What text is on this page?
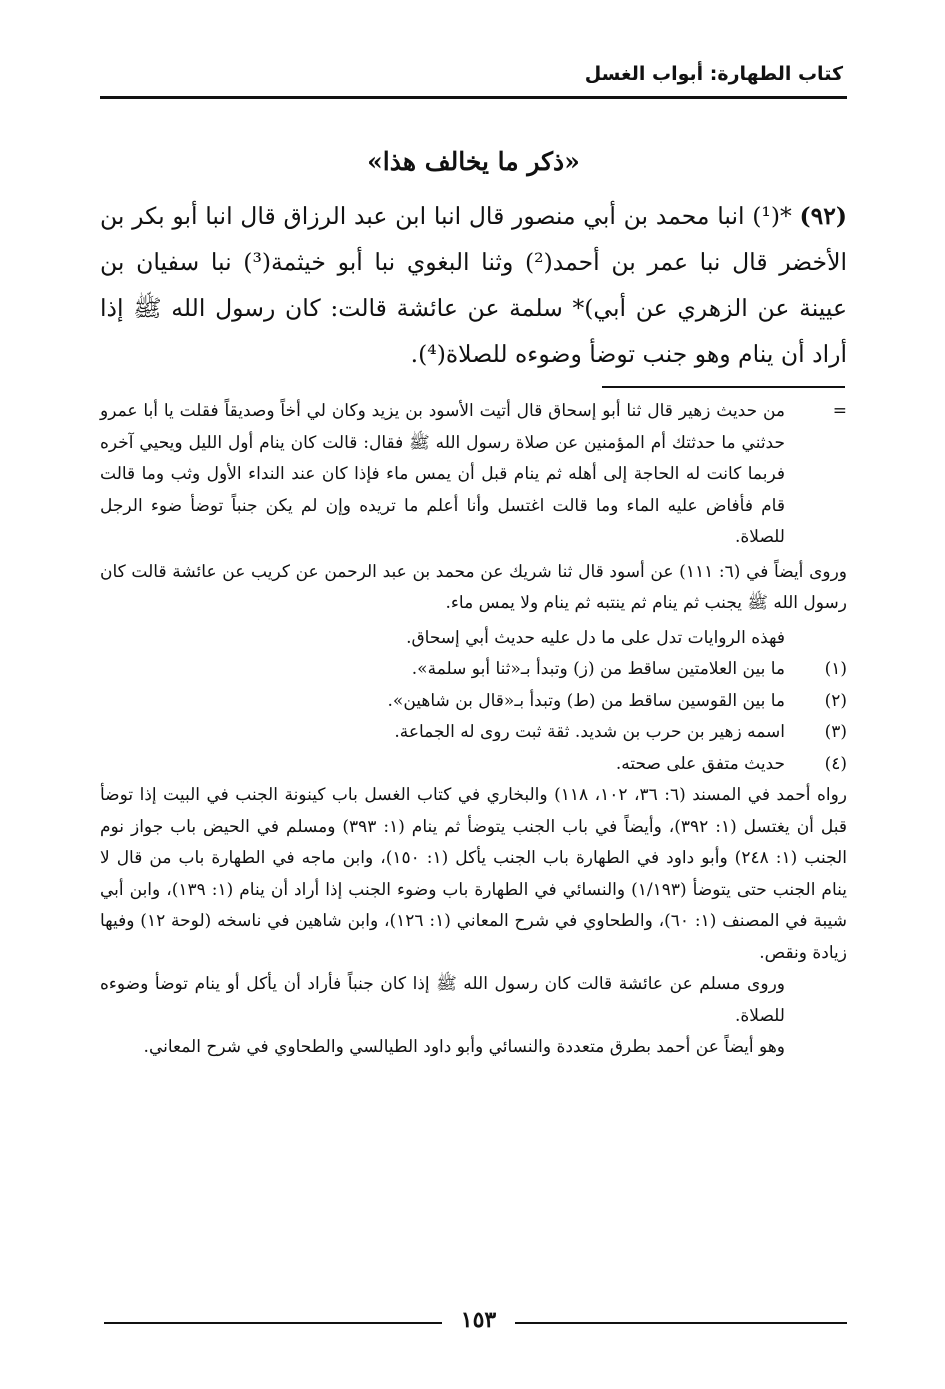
كتاب الطهارة: أبواب الغسل
«ذكر ما يخالف هذا»
(٩٢) *(¹) انبا محمد بن أبي منصور قال انبا ابن عبد الرزاق قال انبا أبو بكر بن الأخضر قال نبا عمر بن أحمد(²) وثنا البغوي نبا أبو خيثمة(³) نبا سفيان بن عيينة عن الزهري عن أبي)* سلمة عن عائشة قالت: كان رسول الله ﷺ إذا أراد أن ينام وهو جنب توضأ وضوءه للصلاة(⁴).
=
من حديث زهير قال ثنا أبو إسحاق قال أتيت الأسود بن يزيد وكان لي أخاً وصديقاً فقلت يا أبا عمرو حدثني ما حدثتك أم المؤمنين عن صلاة رسول الله ﷺ فقال: قالت كان ينام أول الليل ويحيي آخره فربما كانت له الحاجة إلى أهله ثم ينام قبل أن يمس ماء فإذا كان عند النداء الأول وثب وما قالت قام فأفاض عليه الماء وما قالت اغتسل وأنا أعلم ما تريده وإن لم يكن جنباً توضأ ضوء الرجل للصلاة.
وروى أيضاً في (٦: ١١١) عن أسود قال ثنا شريك عن محمد بن عبد الرحمن عن كريب عن عائشة قالت كان رسول الله ﷺ يجنب ثم ينام ثم ينتبه ثم ينام ولا يمس ماء.
فهذه الروايات تدل على ما دل عليه حديث أبي إسحاق.
(١)
ما بين العلامتين ساقط من (ز) وتبدأ بـ«ثنا أبو سلمة».
(٢)
ما بين القوسين ساقط من (ط) وتبدأ بـ«قال بن شاهين».
(٣)
اسمه زهير بن حرب بن شديد. ثقة ثبت روى له الجماعة.
(٤)
حديث متفق على صحته.
رواه أحمد في المسند (٦: ٣٦، ١٠٢، ١١٨) والبخاري في كتاب الغسل باب كينونة الجنب في البيت إذا توضأ قبل أن يغتسل (١: ٣٩٢)، وأيضاً في باب الجنب يتوضأ ثم ينام (١: ٣٩٣) ومسلم في الحيض باب جواز نوم الجنب (١: ٢٤٨) وأبو داود في الطهارة باب الجنب يأكل (١: ١٥٠)، وابن ماجه في الطهارة باب من قال لا ينام الجنب حتى يتوضأ (١/١٩٣) والنسائي في الطهارة باب وضوء الجنب إذا أراد أن ينام (١: ١٣٩)، وابن أبي شيبة في المصنف (١: ٦٠)، والطحاوي في شرح المعاني (١: ١٢٦)، وابن شاهين في ناسخه (لوحة ١٢) وفيها زيادة ونقص.
وروى مسلم عن عائشة قالت كان رسول الله ﷺ إذا كان جنباً فأراد أن يأكل أو ينام توضأ وضوءه للصلاة.
وهو أيضاً عن أحمد بطرق متعددة والنسائي وأبو داود الطيالسي والطحاوي في شرح المعاني.
١٥٣
